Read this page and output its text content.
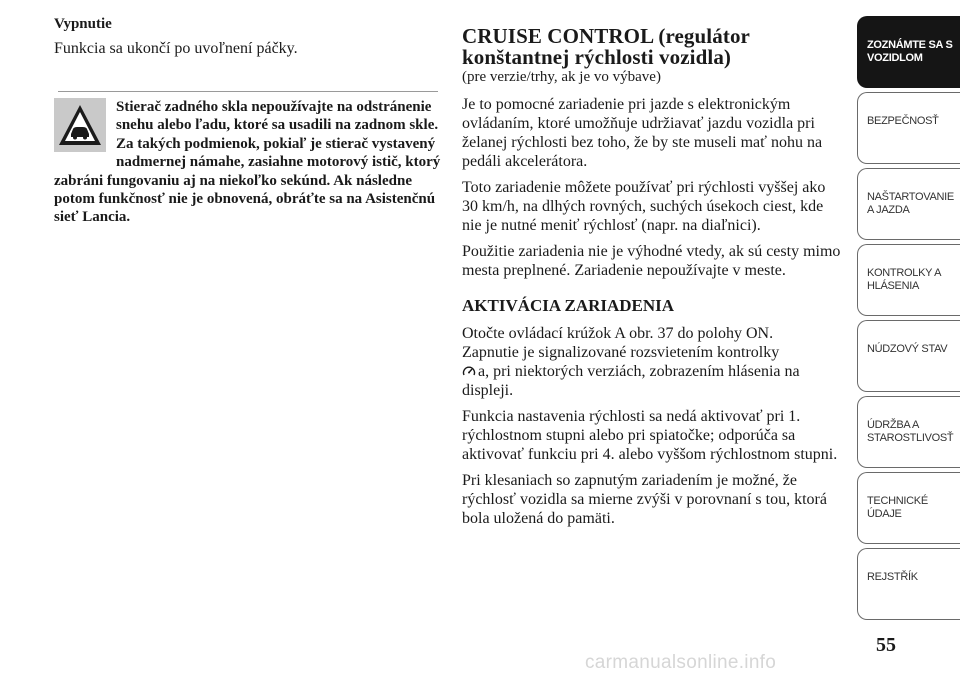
Vypnutie

Funkcia sa ukončí po uvoľnení páčky.

Stierač zadného skla nepoužívajte na odstránenie snehu alebo ľadu, ktoré sa usadili na zadnom skle. Za takých podmienok, pokiaľ je stierač vystavený nadmernej námahe, zasiahne motorový istič, ktorý zabráni fungovaniu aj na niekoľko sekúnd. Ak následne potom funkčnosť nie je obnovená, obráťte sa na Asistenčnú sieť Lancia.
CRUISE CONTROL (regulátor konštantnej rýchlosti vozidla)

(pre verzie/trhy, ak je vo výbave)

Je to pomocné zariadenie pri jazde s elektronickým ovládaním, ktoré umožňuje udržiavať jazdu vozidla pri želanej rýchlosti bez toho, že by ste museli mať nohu na pedáli akcelerátora.

Toto zariadenie môžete používať pri rýchlosti vyššej ako 30 km/h, na dlhých rovných, suchých úsekoch ciest, kde nie je nutné meniť rýchlosť (napr. na diaľnici).

Použitie zariadenia nie je výhodné vtedy, ak sú cesty mimo mesta preplnené. Zariadenie nepoužívajte v meste.

AKTIVÁCIA ZARIADENIA

Otočte ovládací krúžok A obr. 37 do polohy ON.

Zapnutie je signalizované rozsvietením kontrolky
a, pri niektorých verziách, zobrazením hlásenia na displeji.

Funkcia nastavenia rýchlosti sa nedá aktivovať pri 1. rýchlostnom stupni alebo pri spiatočke; odporúča sa aktivovať funkciu pri 4. alebo vyššom rýchlostnom stupni.

Pri klesaniach so zapnutým zariadením je možné, že rýchlosť vozidla sa mierne zvýši v porovnaní s tou, ktorá bola uložená do pamäti.

ZOZNÁMTE SA S VOZIDLOM
BEZPEČNOSŤ
NAŠTARTOVANIE A JAZDA
KONTROLKY A HLÁSENIA
NÚDZOVÝ STAV
ÚDRŽBA A STAROSTLIVOSŤ
TECHNICKÉ ÚDAJE
REJSTŘÍK
55
carmanualsonline.info
